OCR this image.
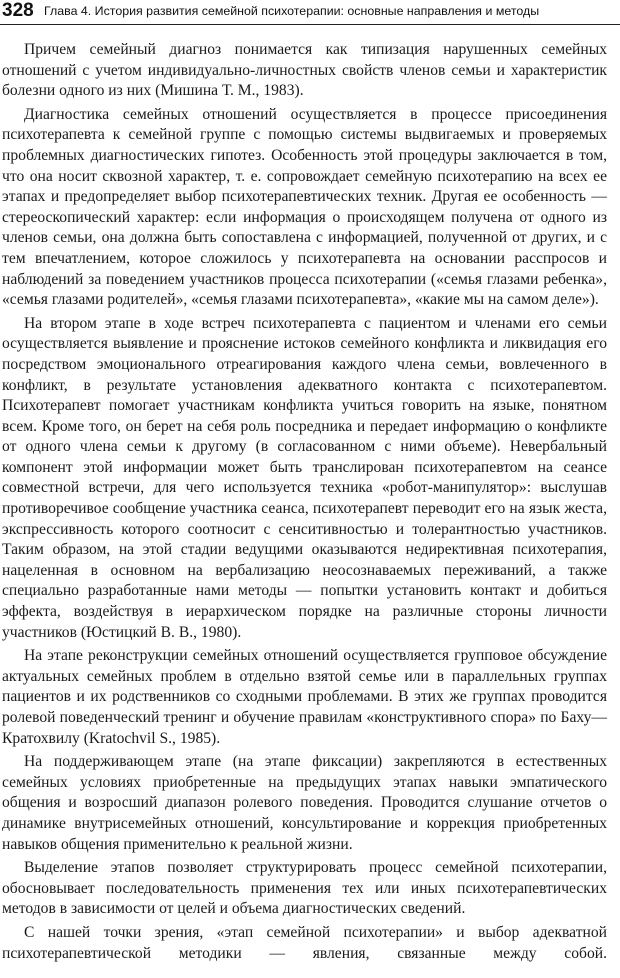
328 Глава 4. История развития семейной психотерапии: основные направления и методы

Причем семейный диагноз понимается как типизация нарушенных семейных отношений с учетом индивидуально-личностных свойств членов семьи и характеристик болезни одного из них (Мишина Т. М., 1983).

Диагностика семейных отношений осуществляется в процессе присоединения психотерапевта к семейной группе с помощью системы выдвигаемых и проверяемых проблемных диагностических гипотез. Особенность этой процедуры заключается в том, что она носит сквозной характер, т. е. сопровождает семейную психотерапию на всех ее этапах и предопределяет выбор психотерапевтических техник. Другая ее особенность — стереоскопический характер: если информация о происходящем получена от одного из членов семьи, она должна быть сопоставлена с информацией, полученной от других, и с тем впечатлением, которое сложилось у психотерапевта на основании расспросов и наблюдений за поведением участников процесса психотерапии («семья глазами ребенка», «семья глазами родителей», «семья глазами психотерапевта», «какие мы на самом деле»).

На втором этапе в ходе встреч психотерапевта с пациентом и членами его семьи осуществляется выявление и прояснение истоков семейного конфликта и ликвидация его посредством эмоционального отреагирования каждого члена семьи, вовлеченного в конфликт, в результате установления адекватного контакта с психотерапевтом. Психотерапевт помогает участникам конфликта учиться говорить на языке, понятном всем. Кроме того, он берет на себя роль посредника и передает информацию о конфликте от одного члена семьи к другому (в согласованном с ними объеме). Невербальный компонент этой информации может быть транслирован психотерапевтом на сеансе совместной встречи, для чего используется техника «робот-манипулятор»: выслушав противоречивое сообщение участника сеанса, психотерапевт переводит его на язык жеста, экспрессивность которого соотносит с сенситивностью и толерантностью участников. Таким образом, на этой стадии ведущими оказываются недирективная психотерапия, нацеленная в основном на вербализацию неосознаваемых переживаний, а также специально разработанные нами методы — попытки установить контакт и добиться эффекта, воздействуя в иерархическом порядке на различные стороны личности участников (Юстицкий В. В., 1980).

На этапе реконструкции семейных отношений осуществляется групповое обсуждение актуальных семейных проблем в отдельно взятой семье или в параллельных группах пациентов и их родственников со сходными проблемами. В этих же группах проводится ролевой поведенческий тренинг и обучение правилам «конструктивного спора» по Баху—Кратохвилу (Kratochvil S., 1985).

На поддерживающем этапе (на этапе фиксации) закрепляются в естественных семейных условиях приобретенные на предыдущих этапах навыки эмпатического общения и возросший диапазон ролевого поведения. Проводится слушание отчетов о динамике внутрисемейных отношений, консультирование и коррекция приобретенных навыков общения применительно к реальной жизни.

Выделение этапов позволяет структурировать процесс семейной психотерапии, обосновывает последовательность применения тех или иных психотерапевтических методов в зависимости от целей и объема диагностических сведений.

С нашей точки зрения, «этап семейной психотерапии» и выбор адекватной психотерапевтической методики — явления, связанные между собой.
